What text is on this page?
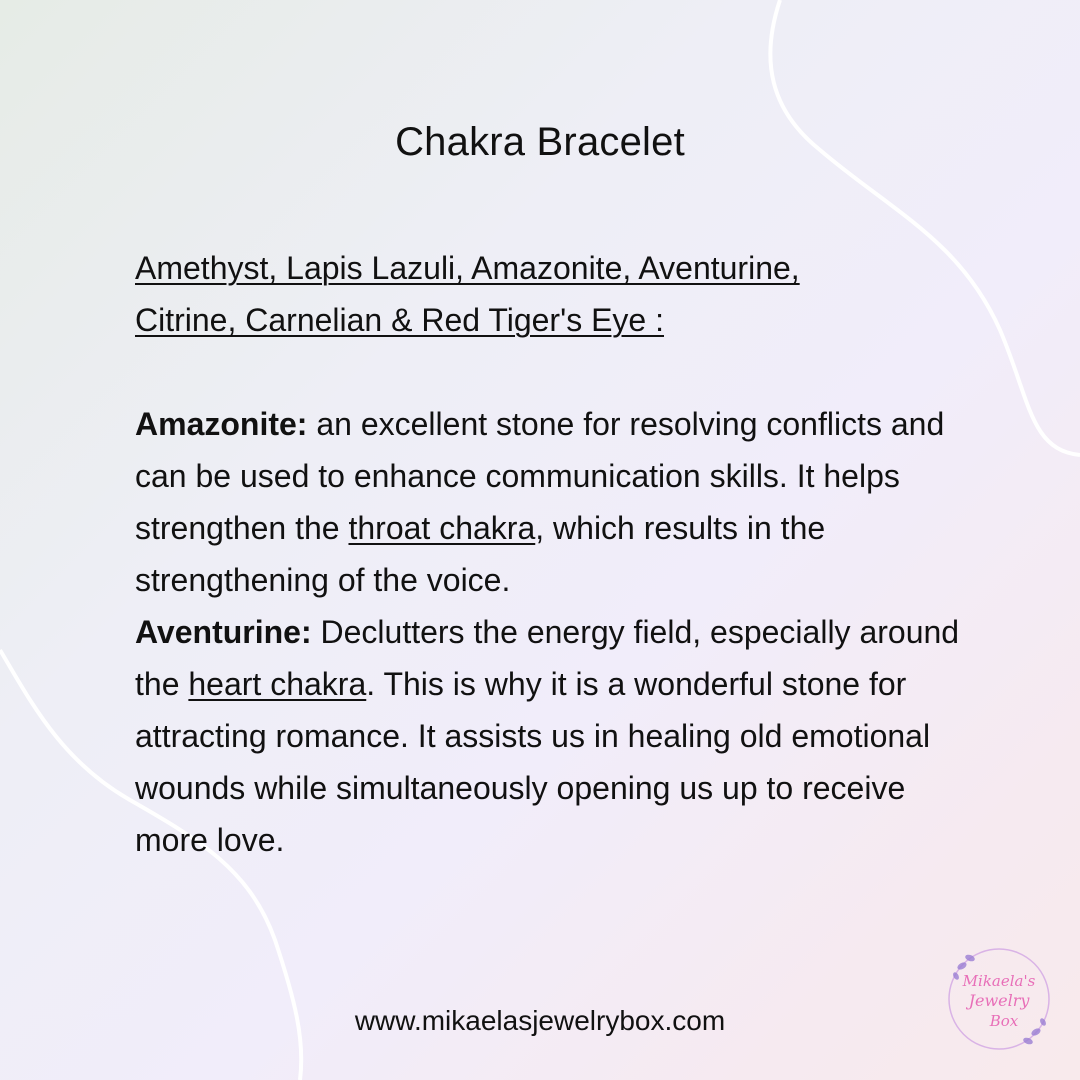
Chakra Bracelet
Amethyst, Lapis Lazuli, Amazonite, Aventurine,
Citrine, Carnelian & Red Tiger's Eye :
Amazonite: an excellent stone for resolving conflicts and can be used to enhance communication skills. It helps strengthen the throat chakra, which results in the strengthening of the voice.
Aventurine: Declutters the energy field, especially around the heart chakra. This is why it is a wonderful stone for attracting romance. It assists us in healing old emotional wounds while simultaneously opening us up to receive more love.
www.mikaelasjewelrybox.com
Mikaela's
Jewelry
Box
